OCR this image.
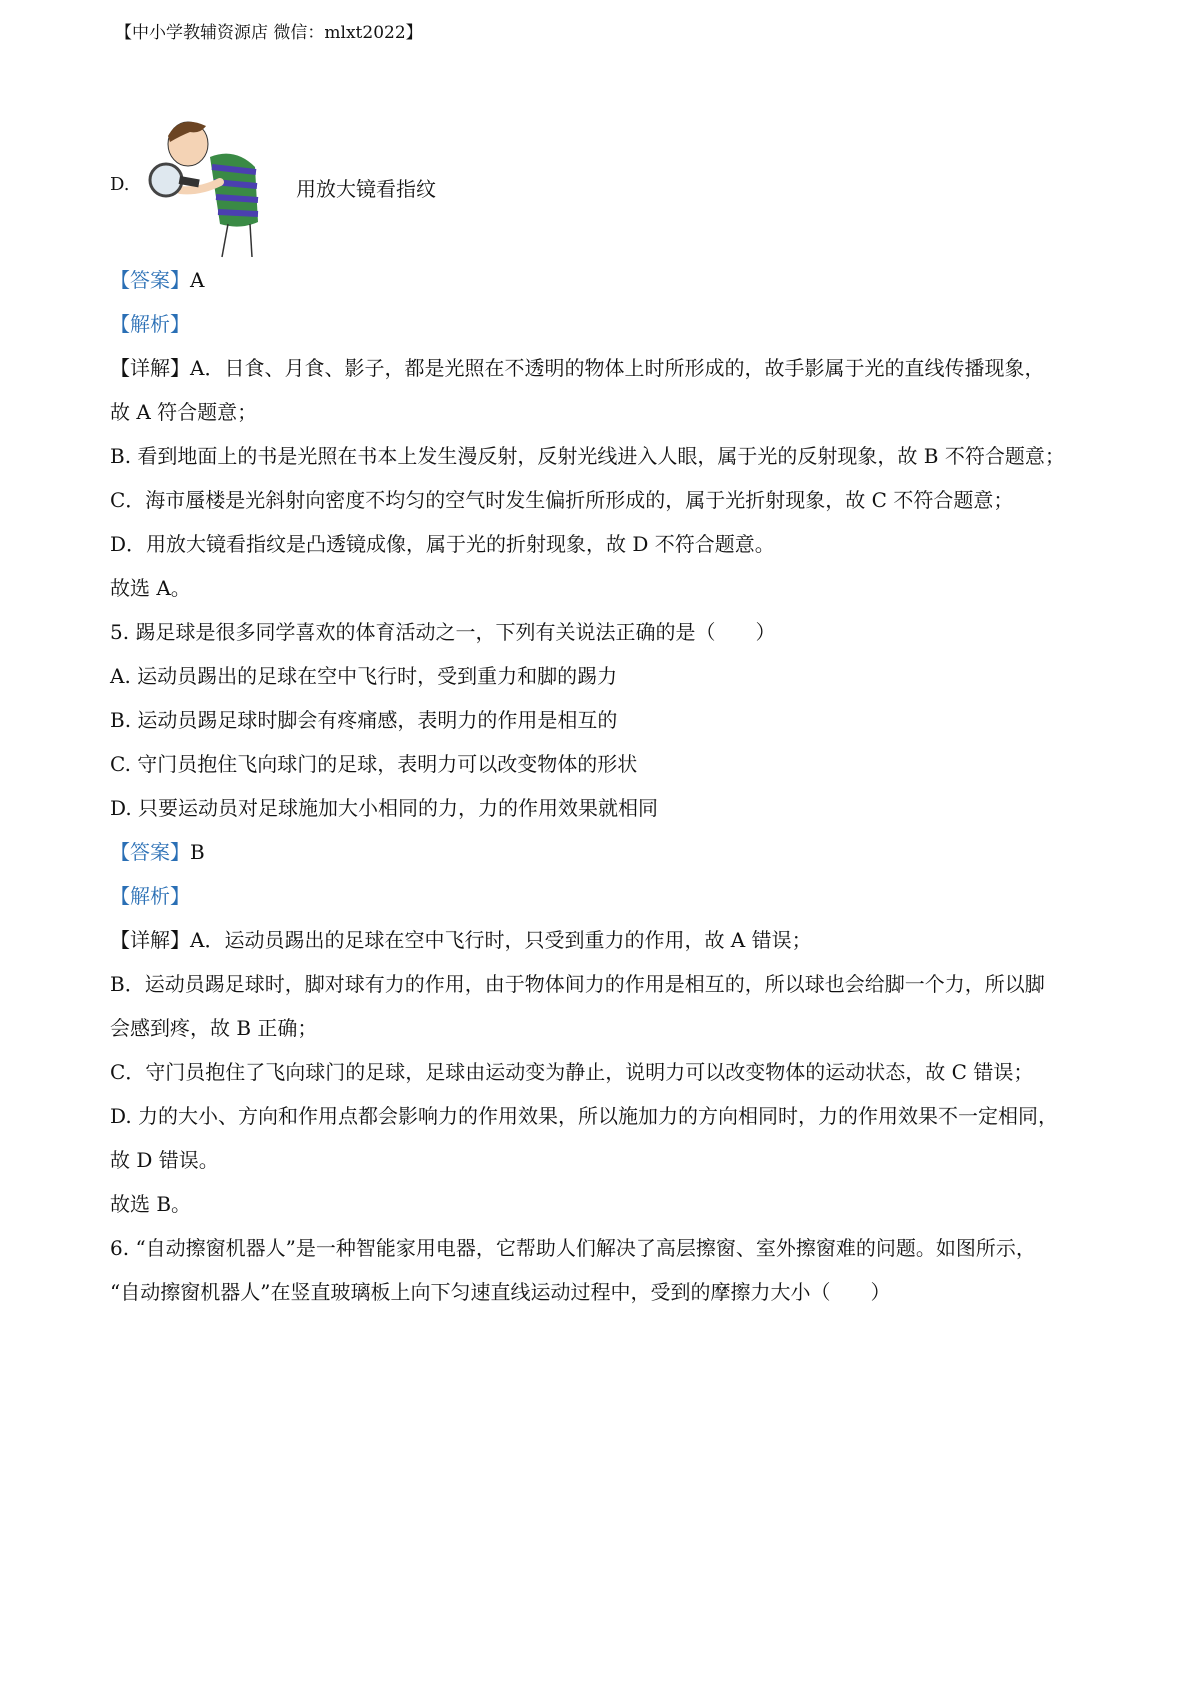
【中小学教辅资源店 微信：mlxt2022】
D.	用放大镜看指纹
【答案】A
【解析】
【详解】A．日食、月食、影子，都是光照在不透明的物体上时所形成的，故手影属于光的直线传播现象，
故 A 符合题意；
B. 看到地面上的书是光照在书本上发生漫反射，反射光线进入人眼，属于光的反射现象，故 B 不符合题意；
C．海市蜃楼是光斜射向密度不均匀的空气时发生偏折所形成的，属于光折射现象，故 C 不符合题意；
D．用放大镜看指纹是凸透镜成像，属于光的折射现象，故 D 不符合题意。
故选 A。
5. 踢足球是很多同学喜欢的体育活动之一，下列有关说法正确的是（　　）
A. 运动员踢出的足球在空中飞行时，受到重力和脚的踢力
B. 运动员踢足球时脚会有疼痛感，表明力的作用是相互的
C. 守门员抱住飞向球门的足球，表明力可以改变物体的形状
D. 只要运动员对足球施加大小相同的力，力的作用效果就相同
【答案】B
【解析】
【详解】A．运动员踢出的足球在空中飞行时，只受到重力的作用，故 A 错误；
B．运动员踢足球时，脚对球有力的作用，由于物体间力的作用是相互的，所以球也会给脚一个力，所以脚
会感到疼，故 B 正确；
C．守门员抱住了飞向球门的足球，足球由运动变为静止，说明力可以改变物体的运动状态，故 C 错误；
D. 力的大小、方向和作用点都会影响力的作用效果，所以施加力的方向相同时，力的作用效果不一定相同，
故 D 错误。
故选 B。
6. “自动擦窗机器人”是一种智能家用电器，它帮助人们解决了高层擦窗、室外擦窗难的问题。如图所示，
“自动擦窗机器人”在竖直玻璃板上向下匀速直线运动过程中，受到的摩擦力大小（　　）
